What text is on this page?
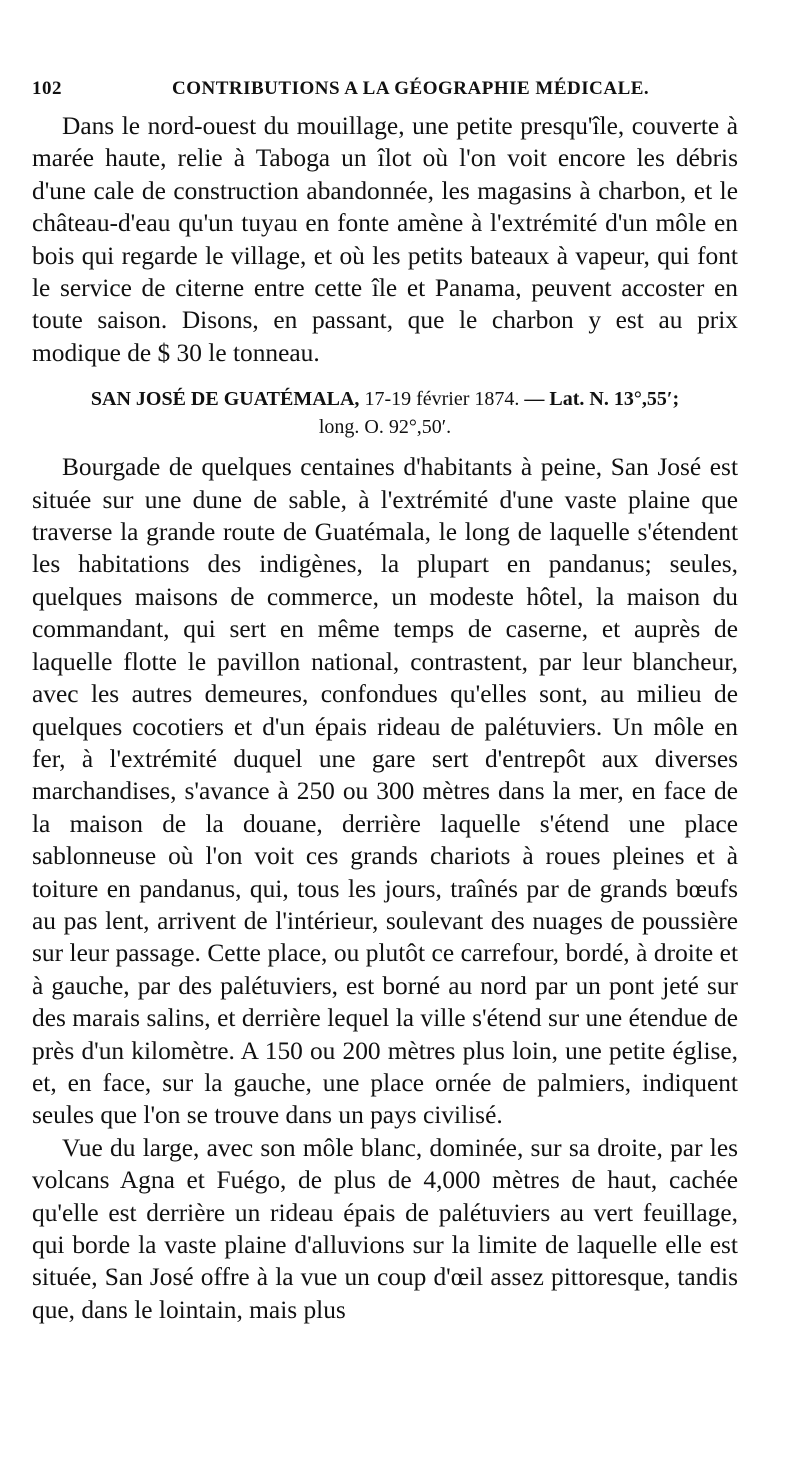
102	CONTRIBUTIONS A LA GÉOGRAPHIE MÉDICALE.

Dans le nord-ouest du mouillage, une petite presqu'île, couverte à marée haute, relie à Taboga un îlot où l'on voit encore les débris d'une cale de construction abandonnée, les magasins à charbon, et le château-d'eau qu'un tuyau en fonte amène à l'extrémité d'un môle en bois qui regarde le village, et où les petits bateaux à vapeur, qui font le service de citerne entre cette île et Panama, peuvent accoster en toute saison. Disons, en passant, que le charbon y est au prix modique de $ 30 le tonneau.

SAN JOSÉ DE GUATÉMALA, 17-19 février 1874. — Lat. N. 13°,55′;
long. O. 92°,50′.

Bourgade de quelques centaines d'habitants à peine, San José est située sur une dune de sable, à l'extrémité d'une vaste plaine que traverse la grande route de Guatémala, le long de laquelle s'étendent les habitations des indigènes, la plupart en pandanus; seules, quelques maisons de commerce, un modeste hôtel, la maison du commandant, qui sert en même temps de caserne, et auprès de laquelle flotte le pavillon national, contrastent, par leur blancheur, avec les autres demeures, confondues qu'elles sont, au milieu de quelques cocotiers et d'un épais rideau de palétuviers. Un môle en fer, à l'extrémité duquel une gare sert d'entrepôt aux diverses marchandises, s'avance à 250 ou 300 mètres dans la mer, en face de la maison de la douane, derrière laquelle s'étend une place sablonneuse où l'on voit ces grands chariots à roues pleines et à toiture en pandanus, qui, tous les jours, traînés par de grands bœufs au pas lent, arrivent de l'intérieur, soulevant des nuages de poussière sur leur passage. Cette place, ou plutôt ce carrefour, bordé, à droite et à gauche, par des palétuviers, est borné au nord par un pont jeté sur des marais salins, et derrière lequel la ville s'étend sur une étendue de près d'un kilomètre. A 150 ou 200 mètres plus loin, une petite église, et, en face, sur la gauche, une place ornée de palmiers, indiquent seules que l'on se trouve dans un pays civilisé.

Vue du large, avec son môle blanc, dominée, sur sa droite, par les volcans Agna et Fuégo, de plus de 4,000 mètres de haut, cachée qu'elle est derrière un rideau épais de palétuviers au vert feuillage, qui borde la vaste plaine d'alluvions sur la limite de laquelle elle est située, San José offre à la vue un coup d'œil assez pittoresque, tandis que, dans le lointain, mais plus
